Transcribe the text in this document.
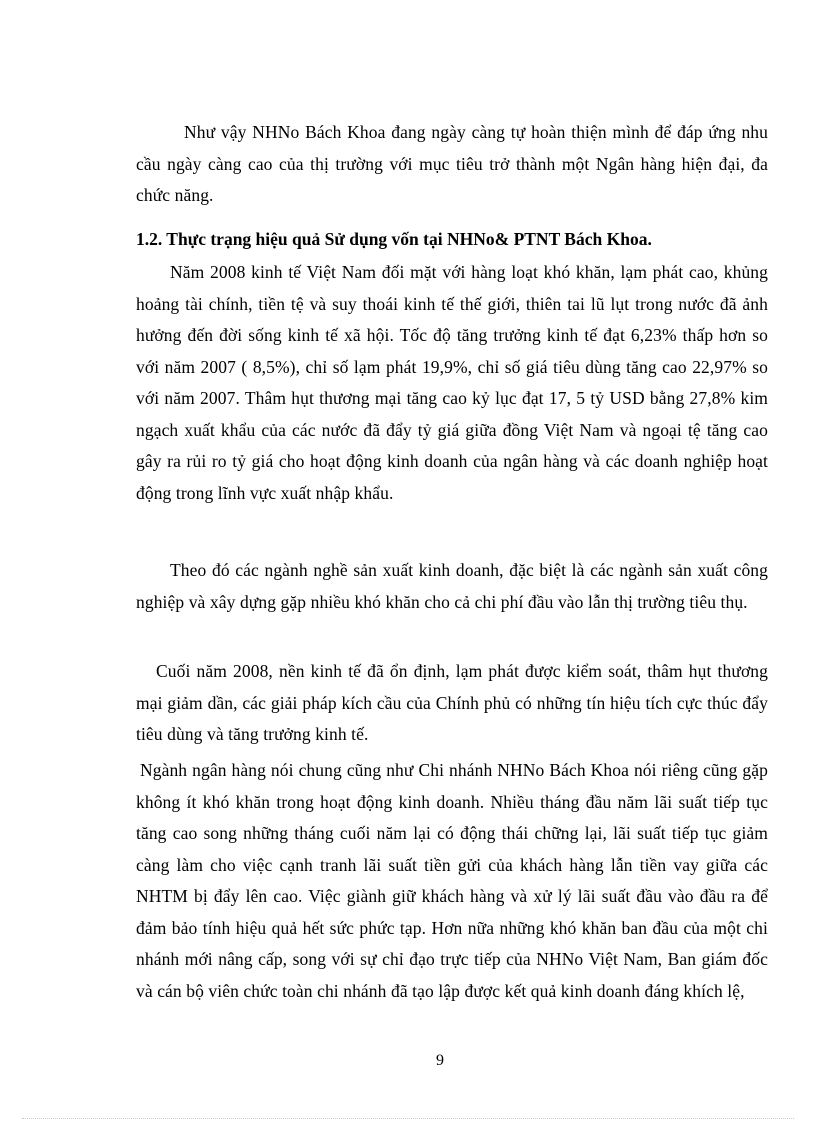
Như vậy NHNo Bách Khoa đang ngày càng tự hoàn thiện mình để đáp ứng nhu cầu ngày càng cao của thị trường với mục tiêu trở thành một Ngân hàng hiện đại, đa chức năng.

1.2. Thực trạng hiệu quả Sử dụng vốn tại NHNo& PTNT Bách Khoa.

Năm 2008 kinh tế Việt Nam đối mặt với hàng loạt khó khăn, lạm phát cao, khủng hoảng tài chính, tiền tệ và suy thoái kinh tế thế giới, thiên tai lũ lụt trong nước đã ảnh hưởng đến đời sống kinh tế xã hội. Tốc độ tăng trưởng kinh tế đạt 6,23% thấp hơn so với năm 2007 ( 8,5%), chỉ số lạm phát 19,9%, chỉ số giá tiêu dùng tăng cao 22,97% so với năm 2007. Thâm hụt thương mại tăng cao kỷ lục đạt 17, 5 tỷ USD bằng 27,8% kim ngạch xuất khẩu của các nước đã đẩy tỷ giá giữa đồng Việt Nam và ngoại tệ tăng cao gây ra rủi ro tỷ giá cho hoạt động kinh doanh của ngân hàng và các doanh nghiệp hoạt động trong lĩnh vực xuất nhập khẩu.

Theo đó các ngành nghề sản xuất kinh doanh, đặc biệt là các ngành sản xuất công nghiệp và xây dựng gặp nhiều khó khăn cho cả chi phí đầu vào lẫn thị trường tiêu thụ.

Cuối năm 2008, nền kinh tế đã ổn định, lạm phát được kiểm soát, thâm hụt thương mại giảm dần, các giải pháp kích cầu của Chính phủ có những tín hiệu tích cực thúc đẩy tiêu dùng và tăng trưởng kinh tế.

Ngành ngân hàng nói chung cũng như Chi nhánh NHNo Bách Khoa nói riêng cũng gặp không ít khó khăn trong hoạt động kinh doanh. Nhiều tháng đầu năm lãi suất tiếp tục tăng cao song những tháng cuối năm lại có động thái chững lại, lãi suất tiếp tục giảm càng làm cho việc cạnh tranh lãi suất tiền gửi của khách hàng lẫn tiền vay giữa các NHTM bị đẩy lên cao. Việc giành giữ khách hàng và xử lý lãi suất đầu vào đầu ra để đảm bảo tính hiệu quả hết sức phức tạp. Hơn nữa những khó khăn ban đầu của một chi nhánh mới nâng cấp, song với sự chỉ đạo trực tiếp của NHNo Việt Nam, Ban giám đốc và cán bộ viên chức toàn chi nhánh đã tạo lập được kết quả kinh doanh đáng khích lệ,

9
